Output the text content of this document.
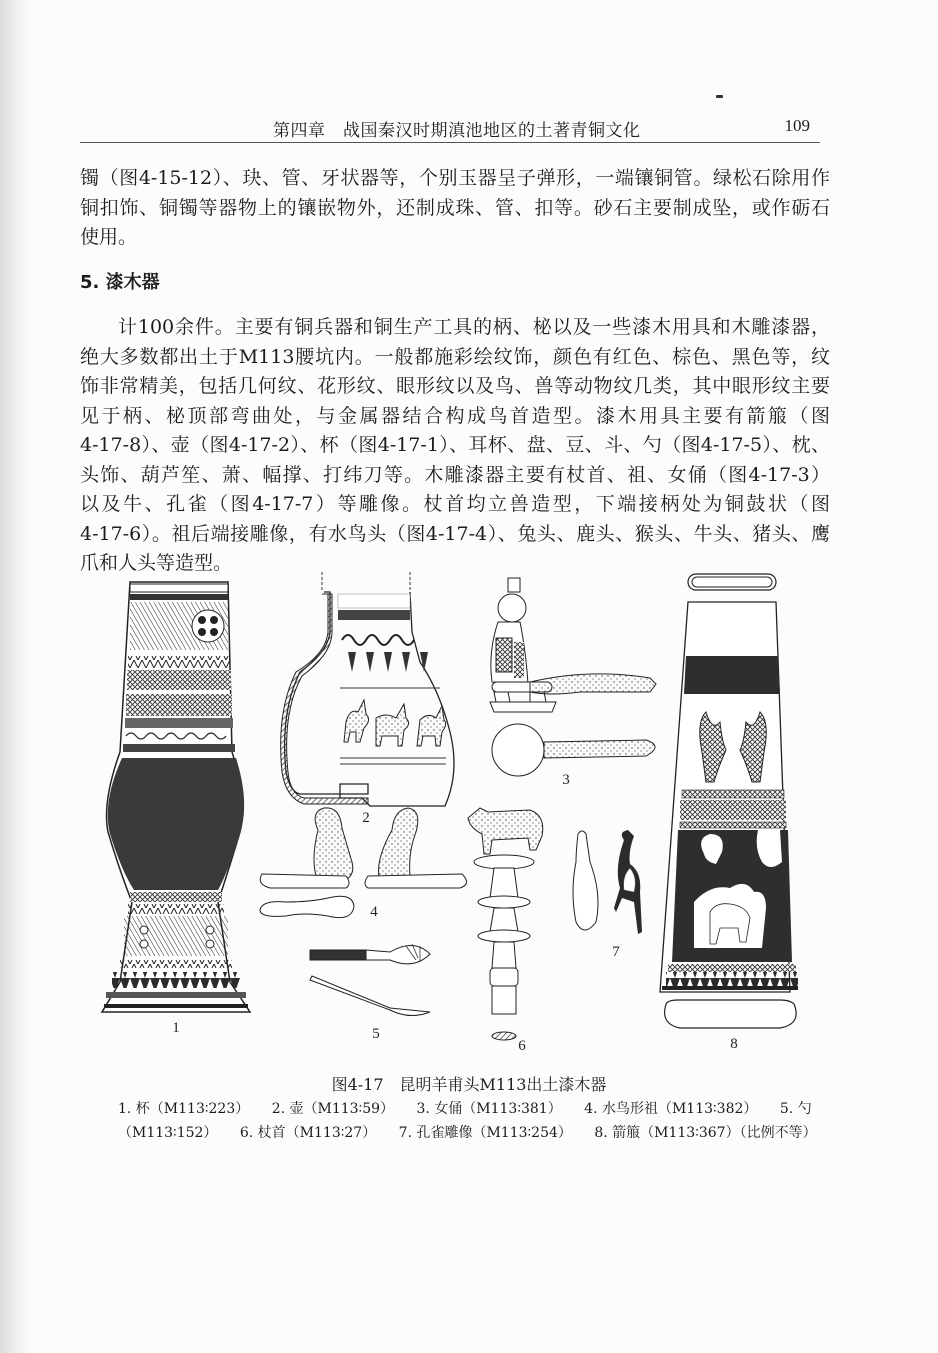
第四章　战国秦汉时期滇池地区的土著青铜文化	109
镯（图4-15-12）、玦、管、牙状器等，个别玉器呈子弹形，一端镶铜管。绿松石除用作
铜扣饰、铜镯等器物上的镶嵌物外，还制成珠、管、扣等。砂石主要制成坠，或作砺石
使用。
5. 漆木器
计100余件。主要有铜兵器和铜生产工具的柄、柲以及一些漆木用具和木雕漆器，
绝大多数都出土于M113腰坑内。一般都施彩绘纹饰，颜色有红色、棕色、黑色等，纹
饰非常精美，包括几何纹、花形纹、眼形纹以及鸟、兽等动物纹几类，其中眼形纹主要
见于柄、柲顶部弯曲处，与金属器结合构成鸟首造型。漆木用具主要有箭箙（图
4-17-8）、壶（图4-17-2）、杯（图4-17-1）、耳杯、盘、豆、斗、勺（图4-17-5）、枕、
头饰、葫芦笙、萧、幅撑、打纬刀等。木雕漆器主要有杖首、祖、女俑（图4-17-3）
以及牛、孔雀（图4-17-7）等雕像。杖首均立兽造型，下端接柄处为铜鼓状（图
4-17-6）。祖后端接雕像，有水鸟头（图4-17-4）、兔头、鹿头、猴头、牛头、猪头、鹰
爪和人头等造型。
1
2
3
4
5
6
7
8
图4-17　昆明羊甫头M113出土漆木器
1. 杯（M113∶223） 2. 壶（M113∶59） 3. 女俑（M113∶381） 4. 水鸟形祖（M113∶382） 5. 勺
（M113∶152） 6. 杖首（M113∶27） 7. 孔雀雕像（M113∶254） 8. 箭箙（M113∶367）（比例不等）
